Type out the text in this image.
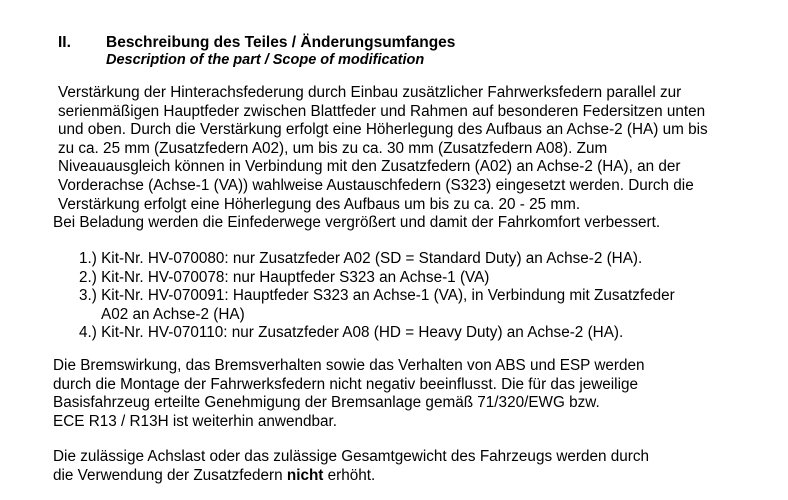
II.	Beschreibung des Teiles / Änderungsumfanges
Description of the part / Scope of modification
Verstärkung der Hinterachsfederung durch Einbau zusätzlicher Fahrwerksfedern parallel zur
serienmäßigen Hauptfeder zwischen Blattfeder und Rahmen auf besonderen Federsitzen unten
und oben. Durch die Verstärkung erfolgt eine Höherlegung des Aufbaus an Achse-2 (HA) um bis
zu ca. 25 mm (Zusatzfedern A02), um bis zu ca. 30 mm (Zusatzfedern A08). Zum
Niveauausgleich können in Verbindung mit den Zusatzfedern (A02) an Achse-2 (HA), an der
Vorderachse (Achse-1 (VA)) wahlweise Austauschfedern (S323) eingesetzt werden. Durch die
Verstärkung erfolgt eine Höherlegung des Aufbaus um bis zu ca. 20 - 25 mm.
Bei Beladung werden die Einfederwege vergrößert und damit der Fahrkomfort verbessert.
1.) Kit-Nr. HV-070080: nur Zusatzfeder A02 (SD = Standard Duty) an Achse-2 (HA).
2.) Kit-Nr. HV-070078: nur Hauptfeder S323 an Achse-1 (VA)
3.) Kit-Nr. HV-070091: Hauptfeder S323 an Achse-1 (VA), in Verbindung mit Zusatzfeder
A02 an Achse-2 (HA)
4.) Kit-Nr. HV-070110: nur Zusatzfeder A08 (HD = Heavy Duty) an Achse-2 (HA).
Die Bremswirkung, das Bremsverhalten sowie das Verhalten von ABS und ESP werden
durch die Montage der Fahrwerksfedern nicht negativ beeinflusst. Die für das jeweilige
Basisfahrzeug erteilte Genehmigung der Bremsanlage gemäß 71/320/EWG bzw.
ECE R13 / R13H ist weiterhin anwendbar.
Die zulässige Achslast oder das zulässige Gesamtgewicht des Fahrzeugs werden durch
die Verwendung der Zusatzfedern nicht erhöht.
